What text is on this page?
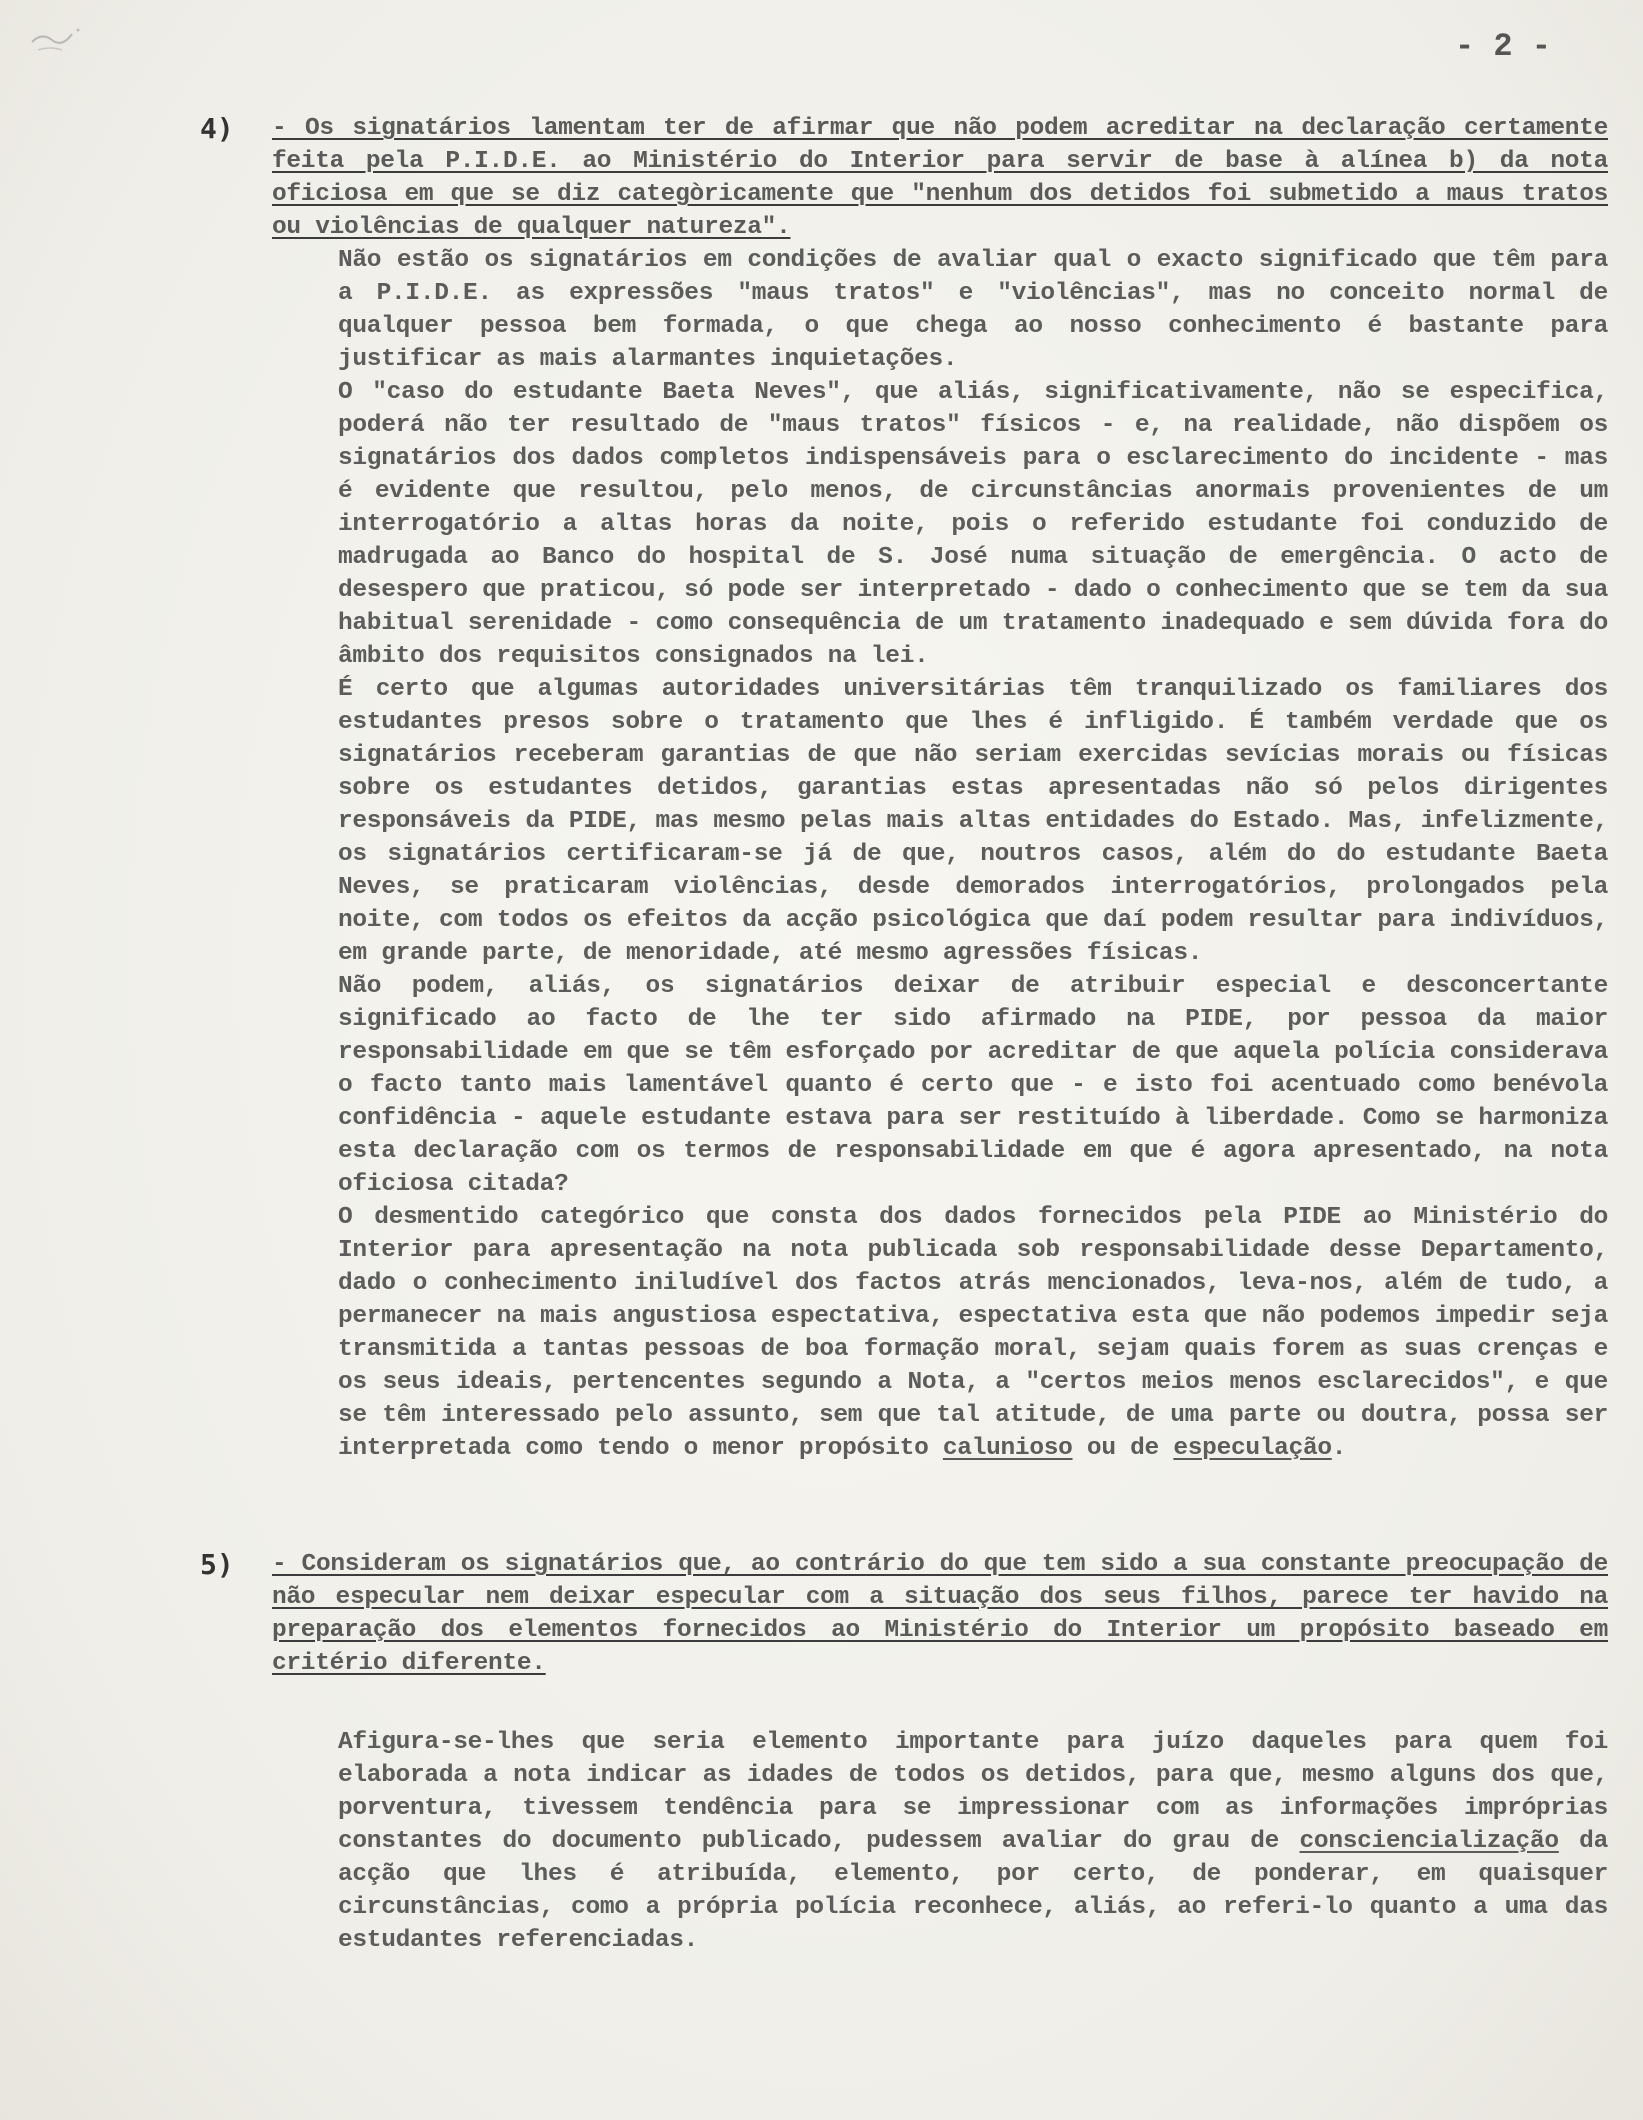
- 2 -
4) - Os signatários lamentam ter de afirmar que não podem acreditar na declaração certamente feita pela P.I.D.E. ao Ministério do Interior para servir de base à alínea b) da nota oficiosa em que se diz categòricamente que "nenhum dos detidos foi submetido a maus tratos ou violências de qualquer natureza".

Não estão os signatários em condições de avaliar qual o exacto significado que têm para a P.I.D.E. as expressões "maus tratos" e "violências", mas no conceito normal de qualquer pessoa bem formada, o que chega ao nosso conhecimento é bastante para justificar as mais alarmantes inquietações.

O "caso do estudante Baeta Neves", que aliás, significativamente, não se especifica, poderá não ter resultado de "maus tratos" físicos - e, na realidade, não dispõem os signatários dos dados completos indispensáveis para o esclarecimento do incidente - mas é evidente que resultou, pelo menos, de circunstâncias anormais provenientes de um interrogatório a altas horas da noite, pois o referido estudante foi conduzido de madrugada ao Banco do hospital de S. José numa situação de emergência. O acto de desespero que praticou, só pode ser interpretado - dado o conhecimento que se tem da sua habitual serenidade - como consequência de um tratamento inadequado e sem dúvida fora do âmbito dos requisitos consignados na lei.

É certo que algumas autoridades universitárias têm tranquilizado os familiares dos estudantes presos sobre o tratamento que lhes é infligido. É também verdade que os signatários receberam garantias de que não seriam exercidas sevícias morais ou físicas sobre os estudantes detidos, garantias estas apresentadas não só pelos dirigentes responsáveis da PIDE, mas mesmo pelas mais altas entidades do Estado. Mas, infelizmente, os signatários certificaram-se já de que, noutros casos, além do do estudante Baeta Neves, se praticaram violências, desde demorados interrogatórios, prolongados pela noite, com todos os efeitos da acção psicológica que daí podem resultar para indivíduos, em grande parte, de menoridade, até mesmo agressões físicas.

Não podem, aliás, os signatários deixar de atribuir especial e desconcertante significado ao facto de lhe ter sido afirmado na PIDE, por pessoa da maior responsabilidade em que se têm esforçado por acreditar de que aquela polícia considerava o facto tanto mais lamentável quanto é certo que - e isto foi acentuado como benévola confidência - aquele estudante estava para ser restituído à liberdade. Como se harmoniza esta declaração com os termos de responsabilidade em que é agora apresentado, na nota oficiosa citada?

O desmentido categórico que consta dos dados fornecidos pela PIDE ao Ministério do Interior para apresentação na nota publicada sob responsabilidade desse Departamento, dado o conhecimento iniludível dos factos atrás mencionados, leva-nos, além de tudo, a permanecer na mais angustiosa espectativa, espectativa esta que não podemos impedir seja transmitida a tantas pessoas de boa formação moral, sejam quais forem as suas crenças e os seus ideais, pertencentes segundo a Nota, a "certos meios menos esclarecidos", e que se têm interessado pelo assunto, sem que tal atitude, de uma parte ou doutra, possa ser interpretada como tendo o menor propósito calunioso ou de especulação.

5) - Consideram os signatários que, ao contrário do que tem sido a sua constante preocupação de não especular nem deixar especular com a situação dos seus filhos, parece ter havido na preparação dos elementos fornecidos ao Ministério do Interior um propósito baseado em critério diferente.

Afigura-se-lhes que seria elemento importante para juízo daqueles para quem foi elaborada a nota indicar as idades de todos os detidos, para que, mesmo alguns dos que, porventura, tivessem tendência para se impressionar com as informações impróprias constantes do documento publicado, pudessem avaliar do grau de consciencialização da acção que lhes é atribuída, elemento, por certo, de ponderar, em quaisquer circunstâncias, como a própria polícia reconhece, aliás, ao referi-lo quanto a uma das estudantes referenciadas.
